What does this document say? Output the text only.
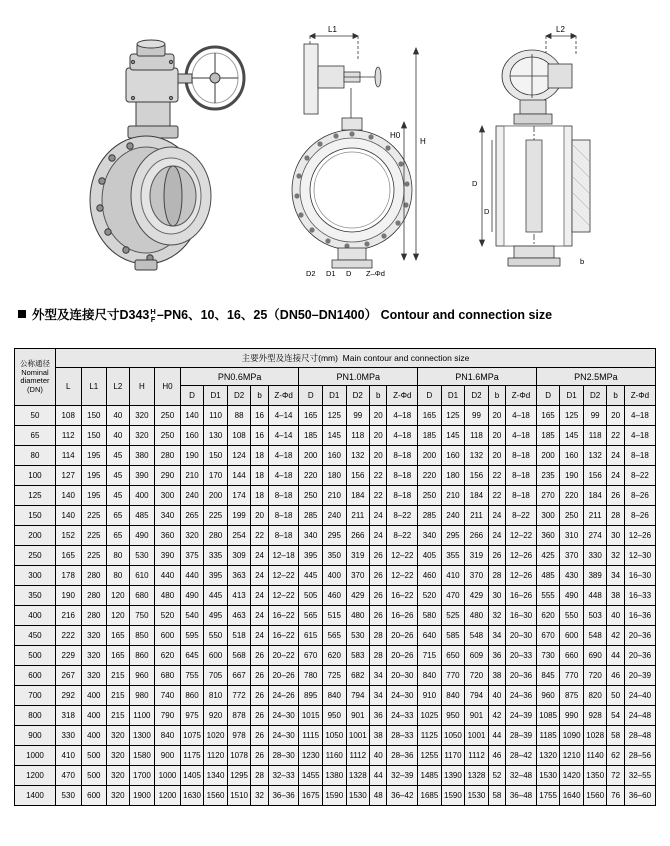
L1
H
H0
D2 D1 D Z–Φd
L2
D
D
b
外型及连接尺寸D343 H
F –PN6、10、16、25（DN50–DN1400） Contour and connection size
公称通径
Nominal
diameter
(DN)	主要外型及连接尺寸(mm) Main contour and connection size																								
	L	L1	L2	H	H0	PN0.6MPa					PN1.0MPa					PN1.6MPa					PN2.5MPa				
						D	D1	D2	b	Z-Φd	D	D1	D2	b	Z-Φd	D	D1	D2	b	Z-Φd	D	D1	D2	b	Z-Φd
50	108	150	40	320	250	140	110	88	16	4–14	165	125	99	20	4–18	165	125	99	20	4–18	165	125	99	20	4–18
65	112	150	40	320	250	160	130	108	16	4–14	185	145	118	20	4–18	185	145	118	20	4–18	185	145	118	22	4–18
80	114	195	45	380	280	190	150	124	18	4–18	200	160	132	20	8–18	200	160	132	20	8–18	200	160	132	24	8–18
100	127	195	45	390	290	210	170	144	18	4–18	220	180	156	22	8–18	220	180	156	22	8–18	235	190	156	24	8–22
125	140	195	45	400	300	240	200	174	18	8–18	250	210	184	22	8–18	250	210	184	22	8–18	270	220	184	26	8–26
150	140	225	65	485	340	265	225	199	20	8–18	285	240	211	24	8–22	285	240	211	24	8–22	300	250	211	28	8–26
200	152	225	65	490	360	320	280	254	22	8–18	340	295	266	24	8–22	340	295	266	24	12–22	360	310	274	30	12–26
250	165	225	80	530	390	375	335	309	24	12–18	395	350	319	26	12–22	405	355	319	26	12–26	425	370	330	32	12–30
300	178	280	80	610	440	440	395	363	24	12–22	445	400	370	26	12–22	460	410	370	28	12–26	485	430	389	34	16–30
350	190	280	120	680	480	490	445	413	24	12–22	505	460	429	26	16–22	520	470	429	30	16–26	555	490	448	38	16–33
400	216	280	120	750	520	540	495	463	24	16–22	565	515	480	26	16–26	580	525	480	32	16–30	620	550	503	40	16–36
450	222	320	165	850	600	595	550	518	24	16–22	615	565	530	28	20–26	640	585	548	34	20–30	670	600	548	42	20–36
500	229	320	165	860	620	645	600	568	26	20–22	670	620	583	28	20–26	715	650	609	36	20–33	730	660	690	44	20–36
600	267	320	215	960	680	755	705	667	26	20–26	780	725	682	34	20–30	840	770	720	38	20–36	845	770	720	46	20–39
700	292	400	215	980	740	860	810	772	26	24–26	895	840	794	34	24–30	910	840	794	40	24–36	960	875	820	50	24–40
800	318	400	215	1100	790	975	920	878	26	24–30	1015	950	901	36	24–33	1025	950	901	42	24–39	1085	990	928	54	24–48
900	330	400	320	1300	840	1075	1020	978	26	24–30	1115	1050	1001	38	28–33	1125	1050	1001	44	28–39	1185	1090	1028	58	28–48
1000	410	500	320	1580	900	1175	1120	1078	26	28–30	1230	1160	1112	40	28–36	1255	1170	1112	46	28–42	1320	1210	1140	62	28–56
1200	470	500	320	1700	1000	1405	1340	1295	28	32–33	1455	1380	1328	44	32–39	1485	1390	1328	52	32–48	1530	1420	1350	72	32–55
1400	530	600	320	1900	1200	1630	1560	1510	32	36–36	1675	1590	1530	48	36–42	1685	1590	1530	58	36–48	1755	1640	1560	76	36–60
